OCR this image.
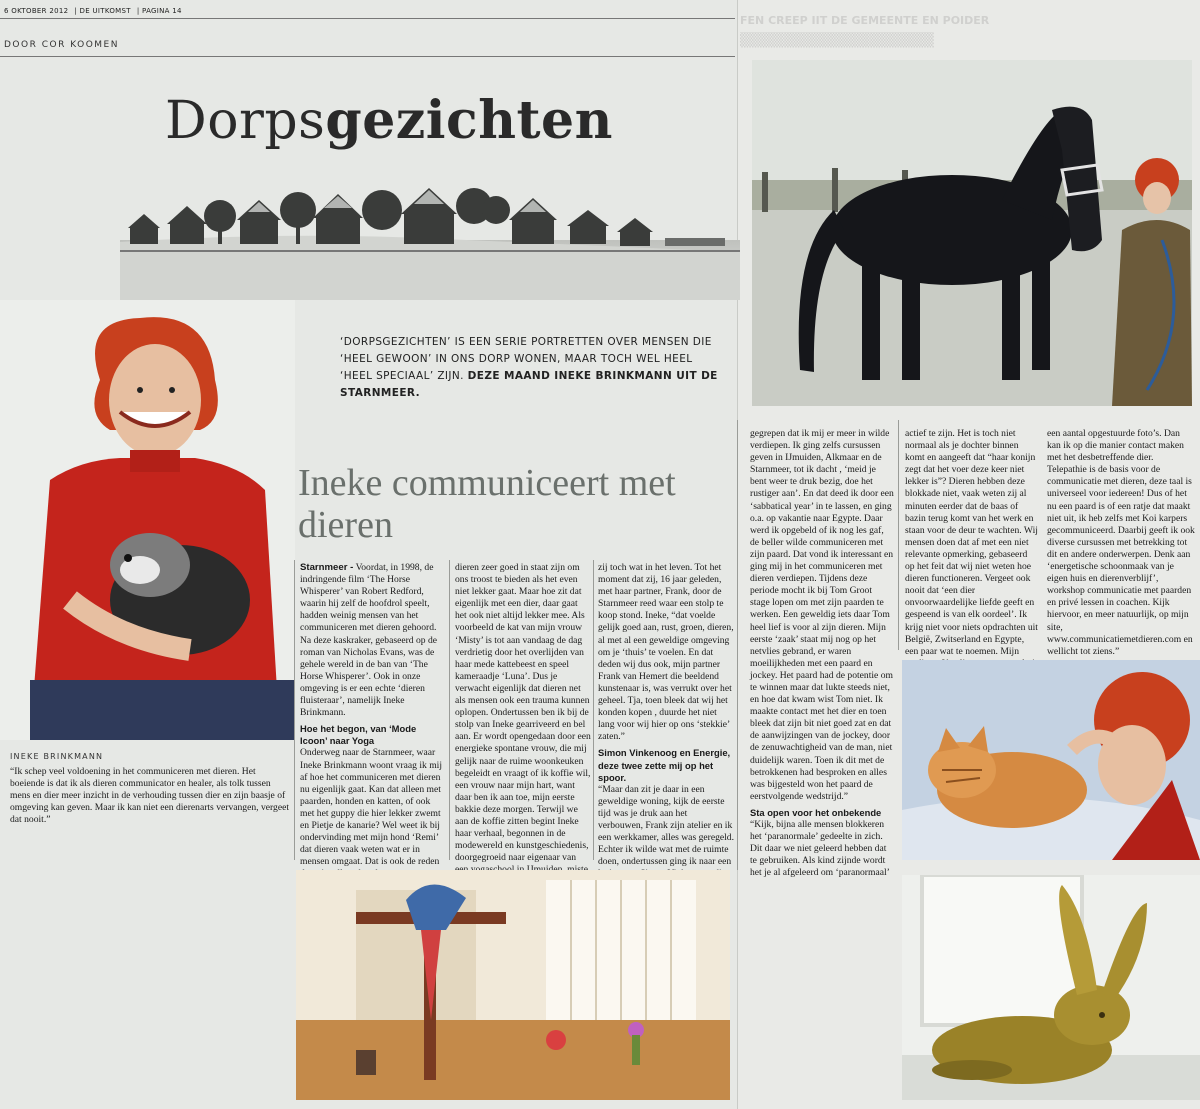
FEN CREEP IIT DE GEMEENTE EN POIDER
▒▒▒▒▒▒▒▒▒▒▒▒▒▒▒▒▒▒
6 OKTOBER 2012 | DE UITKOMST | PAGINA 14
DOOR COR KOOMEN
Dorpsgezichten
‘DORPSGEZICHTEN’ IS EEN SERIE PORTRETTEN OVER MENSEN DIE ‘HEEL GEWOON’ IN ONS DORP WONEN, MAAR TOCH WEL HEEL ‘HEEL SPECIAAL’ ZIJN. DEZE MAAND INEKE BRINKMANN UIT DE STARNMEER.
Ineke communiceert met dieren

Starnmeer - Voordat, in 1998, de indringende film ‘The Horse Whisperer’ van Robert Redford, waarin hij zelf de hoofdrol speelt, hadden weinig mensen van het communiceren met dieren gehoord. Na deze kaskraker, gebaseerd op de roman van Nicholas Evans, was de gehele wereld in de ban van ‘The Horse Whisperer’. Ook in onze omgeving is er een echte ‘dieren fluisteraar’, namelijk Ineke Brinkmann.

Hoe het begon, van ‘Mode Icoon’ naar Yoga

Onderweg naar de Starnmeer, waar Ineke Brinkmann woont vraag ik mij af hoe het communiceren met dieren nu eigenlijk gaat. Kan dat alleen met paarden, honden en katten, of ook met het guppy die hier lekker zwemt en Pietje de kanarie? Wel weet ik bij ondervinding met mijn hond ‘Remi’ dat dieren vaak weten wat er in mensen omgaat. Dat is ook de reden

dieren zeer goed in staat zijn om ons troost te bieden als het even niet lekker gaat. Maar hoe zit dat eigenlijk met een dier, daar gaat het ook niet altijd lekker mee. Als voorbeeld de kat van mijn vrouw ‘Misty’ is tot aan vandaag de dag verdrietig door het overlijden van haar mede kattebeest en speel kameraadje ‘Luna’. Dus je verwacht eigenlijk dat dieren net als mensen ook een trauma kunnen oplopen. Ondertussen ben ik bij de stolp van Ineke gearriveerd en bel aan. Er wordt opengedaan door een energieke spontane vrouw, die mij gelijk naar de ruime woonkeuken begeleidt en vraagt of ik koffie wil, een vrouw naar mijn hart, want daar ben ik aan toe, mijn eerste bakkie deze morgen. Terwijl we aan de koffie zitten begint Ineke haar verhaal, begonnen in de modewereld en kunstgeschiedenis, doorgegroeid naar eigenaar van

zij toch wat in het leven. Tot het moment dat zij, 16 jaar geleden, met haar partner, Frank, door de Starnmeer reed waar een stolp te koop stond. Ineke, “dat voelde gelijk goed aan, rust, groen, dieren, al met al een geweldige omgeving om je ‘thuis’ te voelen. En dat deden wij dus ook, mijn partner Frank van Hemert die beeldend kunstenaar is, was verrukt over het geheel. Tja, toen bleek dat wij het konden kopen , duurde het niet lang voor wij hier op ons ‘stekkie’ zaten.”

Simon Vinkenoog en Energie, deze twee zette mij op het spoor.

“Maar dan zit je daar in een geweldige woning, kijk de eerste tijd was je druk aan het verbouwen, Frank zijn atelier en ik een werkkamer, alles was geregeld. Echter ik wilde wat met de ruimte doen, ondertussen ging ik naar een

gegrepen dat ik mij er meer in wilde verdiepen. Ik ging zelfs cursussen geven in IJmuiden, Alkmaar en de Starnmeer, tot ik dacht , ‘meid je bent weer te druk bezig, doe het rustiger aan’. En dat deed ik door een ‘sabbatical year’ in te lassen, en ging o.a. op vakantie naar Egypte. Daar werd ik opgebeld of ik nog les gaf, de beller wilde communiceren met zijn paard. Dat vond ik interessant en ging mij in het communiceren met dieren verdiepen. Tijdens deze periode mocht ik bij Tom Groot stage lopen om met zijn paarden te werken. Een geweldig iets daar Tom heel lief is voor al zijn dieren. Mijn eerste ‘zaak’ staat mij nog op het netvlies gebrand, er waren moeilijkheden met een paard en jockey. Het paard had de potentie om te winnen maar dat lukte steeds niet, en hoe dat kwam wist Tom niet. Ik maakte contact met het dier en toen bleek dat zijn bit niet goed zat en dat de aanwijzingen van de jockey, door de zenuwachtigheid van de man, niet duidelijk waren. Toen ik dit met de betrokkenen had besproken en alles was bijgesteld won het paard de eerstvolgende wedstrijd.”

Sta open voor het onbekende

“Kijk, bijna alle mensen blokkeren het ‘paranormale’ gedeelte in zich. Dit daar we niet geleerd hebben dat te gebruiken. Als kind zijnde wordt het je al afgeleerd om ‘paranormaal’

actief te zijn. Het is toch niet normaal als je dochter binnen komt en aangeeft dat “haar konijn zegt dat het voer deze keer niet lekker is”? Dieren hebben deze blokkade niet, vaak weten zij al minuten eerder dat de baas of bazin terug komt van het werk en staan voor de deur te wachten. Wij mensen doen dat af met een niet relevante opmerking, gebaseerd op het feit dat wij niet weten hoe dieren functioneren. Vergeet ook nooit dat ‘een dier onvoorwaardelijke liefde geeft en gespeend is van elk oordeel’. Ik krijg niet voor niets opdrachten uit België, Zwitserland en Egypte, een paar wat te noemen. Mijn

een aantal opgestuurde foto’s. Dan kan ik op die manier contact maken met het desbetreffende dier. Telepathie is de basis voor de communicatie met dieren, deze taal is universeel voor iedereen! Dus of het nu een paard is of een ratje dat maakt niet uit, ik heb zelfs met Koi karpers gecommuniceerd. Daarbij geeft ik ook diverse cursussen met betrekking tot dit en andere onderwerpen. Denk aan ‘energetische schoonmaak van je eigen huis en dierenverblijf’, workshop communicatie met paarden en privé lessen in coachen. Kijk hiervoor, en meer natuurlijk, op mijn site, www.communicatiemetdieren.com en wellicht tot ziens.”

INEKE BRINKMANN
“Ik schep veel voldoening in het communiceren met dieren. Het boeiende is dat ik als dieren communicator en healer, als tolk tussen mens en dier meer inzicht in de verhouding tussen dier en zijn baasje of omgeving kan geven. Maar ik kan niet een dierenarts vervangen, vergeet dat nooit.”
